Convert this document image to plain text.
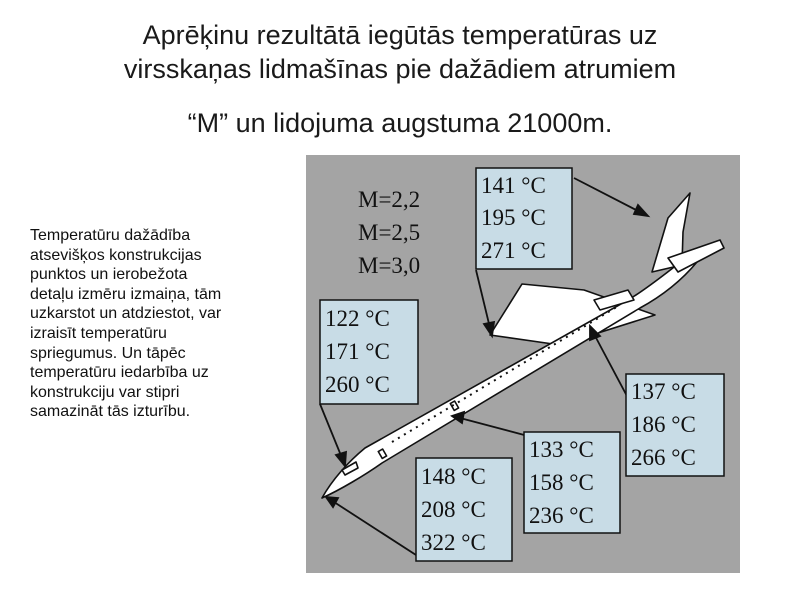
Aprēķinu rezultātā iegūtās temperatūras uz
virsskaņas lidmašīnas pie dažādiem atrumiem
“M” un lidojuma augstuma 21000m.
Temperatūru dažādība
atsevišķos konstrukcijas
punktos un ierobežota
detaļu izmēru izmaiņa, tām
uzkarstot un atdziestot, var
izraisīt temperatūru
spriegumus. Un tāpēc
temperatūru iedarbība uz
konstrukciju var stipri
samazināt tās izturību.
M=2,2
M=2,5
M=3,0
141 °C
195 °C
271 °C
122 °C
171 °C
260 °C	137 °C
186 °C
266 °C
133 °C
158 °C
236 °C
148 °C
208 °C
322 °C
